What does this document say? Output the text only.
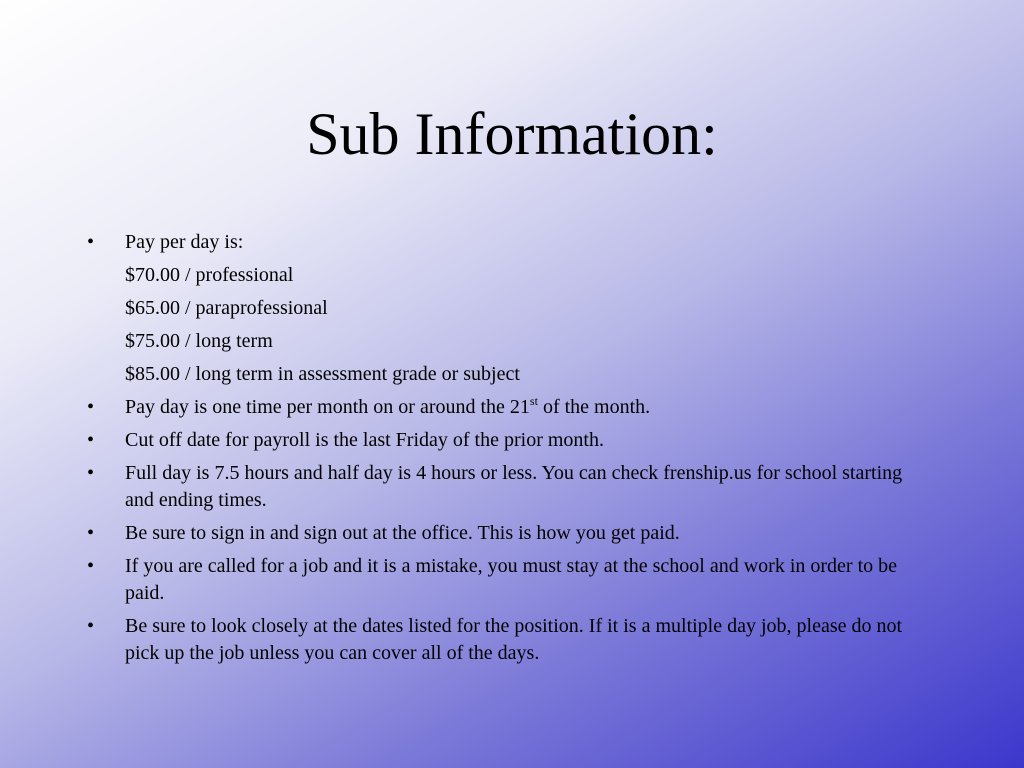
Sub Information:
•	Pay per day is:
$70.00 / professional
$65.00 / paraprofessional
$75.00 / long term
$85.00 / long term in assessment grade or subject
•	Pay day is one time per month on or around the 21st of the month.
•	Cut off date for payroll is the last Friday of the prior month.
•	Full day is 7.5 hours and half day is 4 hours or less. You can check frenship.us for school starting and ending times.
•	Be sure to sign in and sign out at the office. This is how you get paid.
•	If you are called for a job and it is a mistake, you must stay at the school and work in order to be paid.
•	Be sure to look closely at the dates listed for the position. If it is a multiple day job, please do not pick up the job unless you can cover all of the days.
